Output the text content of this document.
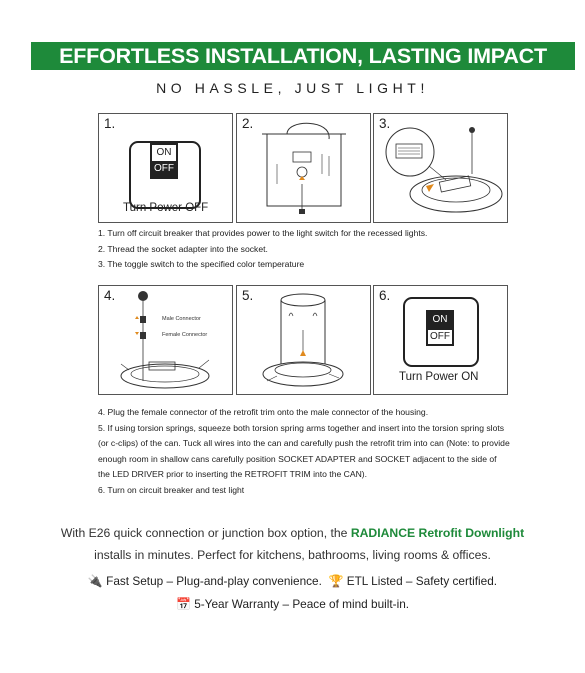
EFFORTLESS INSTALLATION, LASTING IMPACT
NO HASSLE, JUST LIGHT!
1.
ON
OFF
Turn Power OFF
2.	3.
1. Turn off circuit breaker that provides power to the light switch for the recessed lights.
2. Thread the socket adapter into the socket.
3. The toggle switch to the specified color temperature
4.
Male Connector
Female Connector
5.	6.
ON
OFF
Turn Power ON
4. Plug the female connector of the retrofit trim onto the male connector of the housing.
5. If using torsion springs, squeeze both torsion spring arms together and insert into the torsion spring slots (or c-clips) of the can. Tuck all wires into the can and carefully push the retrofit trim into can (Note: to provide enough room in shallow cans carefully position SOCKET ADAPTER and SOCKET adjacent to the side of the LED DRIVER prior to inserting the RETROFIT TRIM into the CAN).
6. Turn on circuit breaker and test light
With E26 quick connection or junction box option, the RADIANCE Retrofit Downlight installs in minutes. Perfect for kitchens, bathrooms, living rooms & offices.
🔌 Fast Setup – Plug-and-play convenience. 🏆 ETL Listed – Safety certified.
📅 5-Year Warranty – Peace of mind built-in.
